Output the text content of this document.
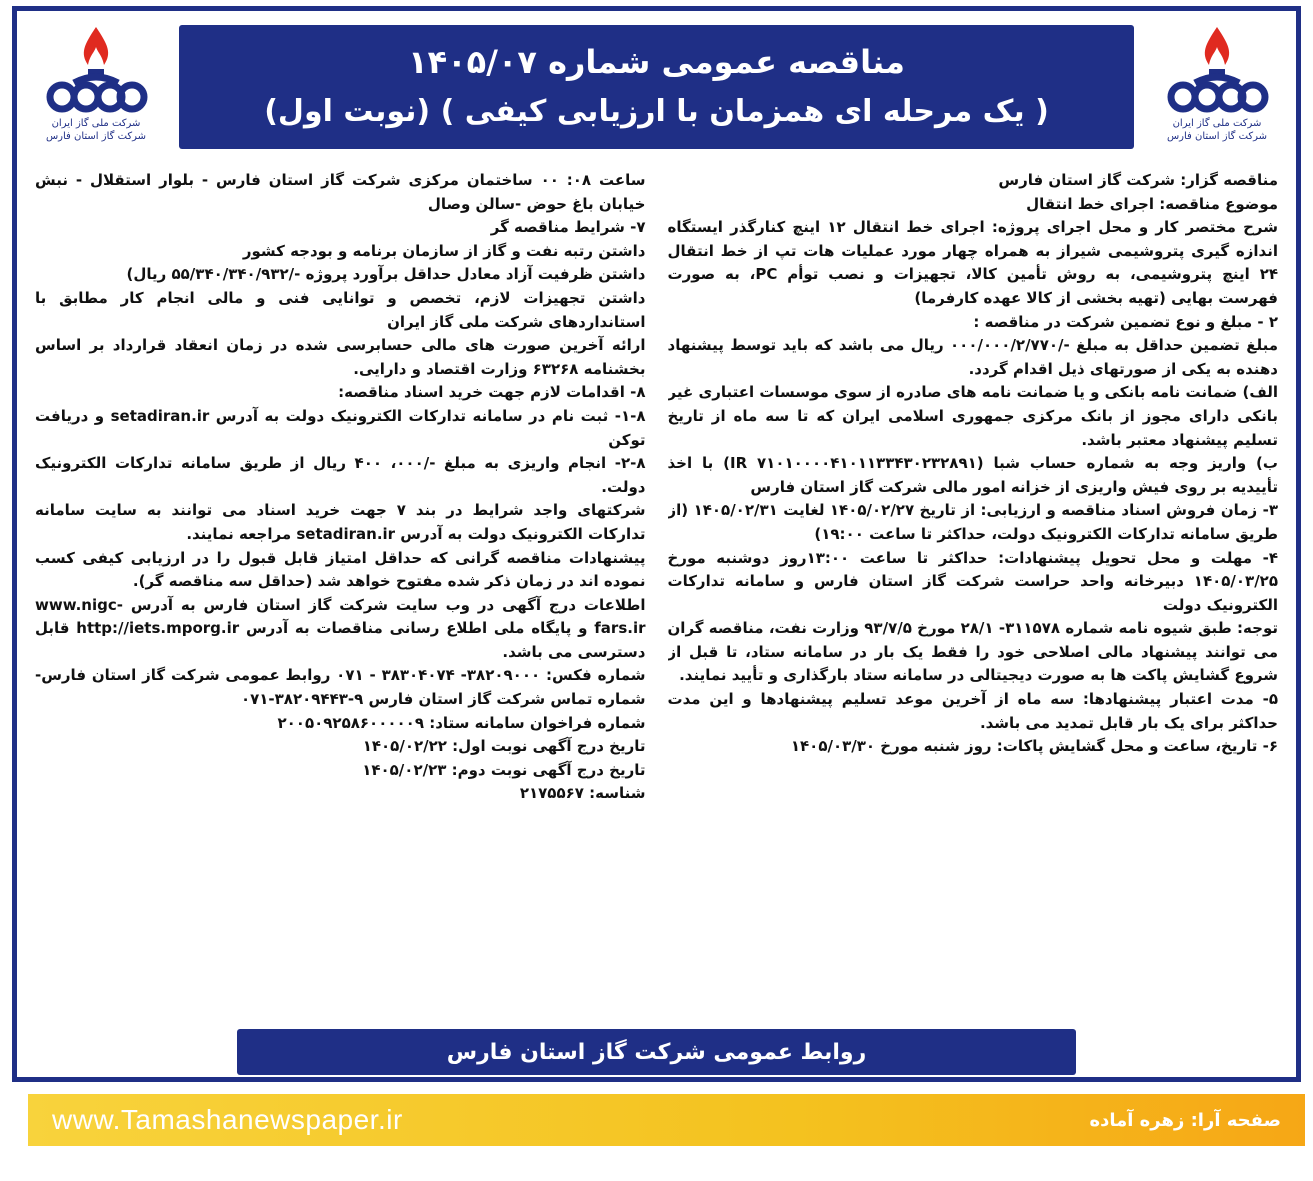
شرکت ملی گاز ایران
شرکت گاز استان فارس
مناقصه عمومی شماره ۱۴۰۵/۰۷
( یک مرحله ای همزمان با ارزیابی کیفی ) (نوبت اول)
شرکت ملی گاز ایران
شرکت گاز استان فارس

مناقصه گزار: شرکت گاز استان فارس

موضوع مناقصه: اجرای خط انتقال

شرح مختصر کار و محل اجرای پروژه: اجرای خط انتقال ۱۲ اینچ کنارگذر ایستگاه اندازه گیری پتروشیمی شیراز به همراه چهار مورد عملیات هات تپ از خط انتقال ۲۴ اینچ پتروشیمی، به روش تأمین کالا، تجهیزات و نصب توأم PC، به صورت فهرست بهایی (تهیه بخشی از کالا عهده کارفرما)

۲ - مبلغ و نوع تضمین شرکت در مناقصه :

مبلغ تضمین حداقل به مبلغ -/۰۰۰/۰۰۰/۲/۷۷۰ ریال می باشد که باید توسط پیشنهاد دهنده به یکی از صورتهای ذیل اقدام گردد.

الف) ضمانت نامه بانکی و یا ضمانت نامه های صادره از سوی موسسات اعتباری غیر بانکی دارای مجوز از بانک مرکزی جمهوری اسلامی ایران که تا سه ماه از تاریخ تسلیم پیشنهاد معتبر باشد.

ب) واریز وجه به شماره حساب شبا (IR ۷۱۰۱۰۰۰۰۴۱۰۱۱۳۳۴۳۰۲۳۲۸۹۱) با اخذ تأییدیه بر روی فیش واریزی از خزانه امور مالی شرکت گاز استان فارس

۳- زمان فروش اسناد مناقصه و ارزیابی: از تاریخ ۱۴۰۵/۰۲/۲۷ لغایت ۱۴۰۵/۰۲/۳۱ (از طریق سامانه تدارکات الکترونیک دولت، حداکثر تا ساعت ۱۹:۰۰)

۴- مهلت و محل تحویل پیشنهادات: حداکثر تا ساعت ۱۳:۰۰روز دوشنبه مورخ ۱۴۰۵/۰۳/۲۵ دبیرخانه واحد حراست شرکت گاز استان فارس و سامانه تدارکات الکترونیک دولت

توجه: طبق شیوه نامه شماره ۳۱۱۵۷۸- ۲۸/۱ مورخ ۹۳/۷/۵ وزارت نفت، مناقصه گران می توانند پیشنهاد مالی اصلاحی خود را فقط یک بار در سامانه ستاد، تا قبل از شروع گشایش پاکت ها به صورت دیجیتالی در سامانه ستاد بارگذاری و تأیید نمایند.

۵- مدت اعتبار پیشنهادها: سه ماه از آخرین موعد تسلیم پیشنهادها و این مدت حداکثر برای یک بار قابل تمدید می باشد.

۶- تاریخ، ساعت و محل گشایش پاکات: روز شنبه مورخ ۱۴۰۵/۰۳/۳۰

ساعت ۰۸: ۰۰ ساختمان مرکزی شرکت گاز استان فارس - بلوار استقلال - نبش خیابان باغ حوض -سالن وصال

۷- شرایط مناقصه گر

داشتن رتبه نفت و گاز از سازمان برنامه و بودجه کشور

داشتن ظرفیت آزاد معادل حداقل برآورد پروژه -/۵۵/۳۴۰/۳۴۰/۹۳۲ ریال)

داشتن تجهیزات لازم، تخصص و توانایی فنی و مالی انجام کار مطابق با استانداردهای شرکت ملی گاز ایران

ارائه آخرین صورت های مالی حسابرسی شده در زمان انعقاد قرارداد بر اساس بخشنامه ۶۳۲۶۸ وزارت اقتصاد و دارایی.

۸- اقدامات لازم جهت خرید اسناد مناقصه:

۱-۸- ثبت نام در سامانه تدارکات الکترونیک دولت به آدرس setadiran.ir و دریافت توکن

۲-۸- انجام واریزی به مبلغ -/۰۰۰، ۴۰۰ ریال از طریق سامانه تدارکات الکترونیک دولت.

شرکتهای واجد شرایط در بند ۷ جهت خرید اسناد می توانند به سایت سامانه تدارکات الکترونیک دولت به آدرس setadiran.ir مراجعه نمایند.

پیشنهادات مناقصه گرانی که حداقل امتیاز قابل قبول را در ارزیابی کیفی کسب نموده اند در زمان ذکر شده مفتوح خواهد شد (حداقل سه مناقصه گر).

اطلاعات درج آگهی در وب سایت شرکت گاز استان فارس به آدرس www.nigc-fars.ir و پایگاه ملی اطلاع رسانی مناقصات به آدرس http://iets.mporg.ir قابل دسترسی می باشد.

شماره فکس: ۳۸۲۰۹۰۰۰- ۳۸۳۰۴۰۷۴ - ۰۷۱ روابط عمومی شرکت گاز استان فارس- شماره تماس شرکت گاز استان فارس ۹-۳۸۲۰۹۴۴۳-۰۷۱

شماره فراخوان سامانه ستاد: ۲۰۰۵۰۹۲۵۸۶۰۰۰۰۰۹

تاریخ درج آگهی نوبت اول: ۱۴۰۵/۰۲/۲۲

تاریخ درج آگهی نوبت دوم: ۱۴۰۵/۰۲/۲۳

شناسه: ۲۱۷۵۵۶۷

روابط عمومی شرکت گاز استان فارس
صفحه آرا: زهره آماده
www.Tamashanewspaper.ir
